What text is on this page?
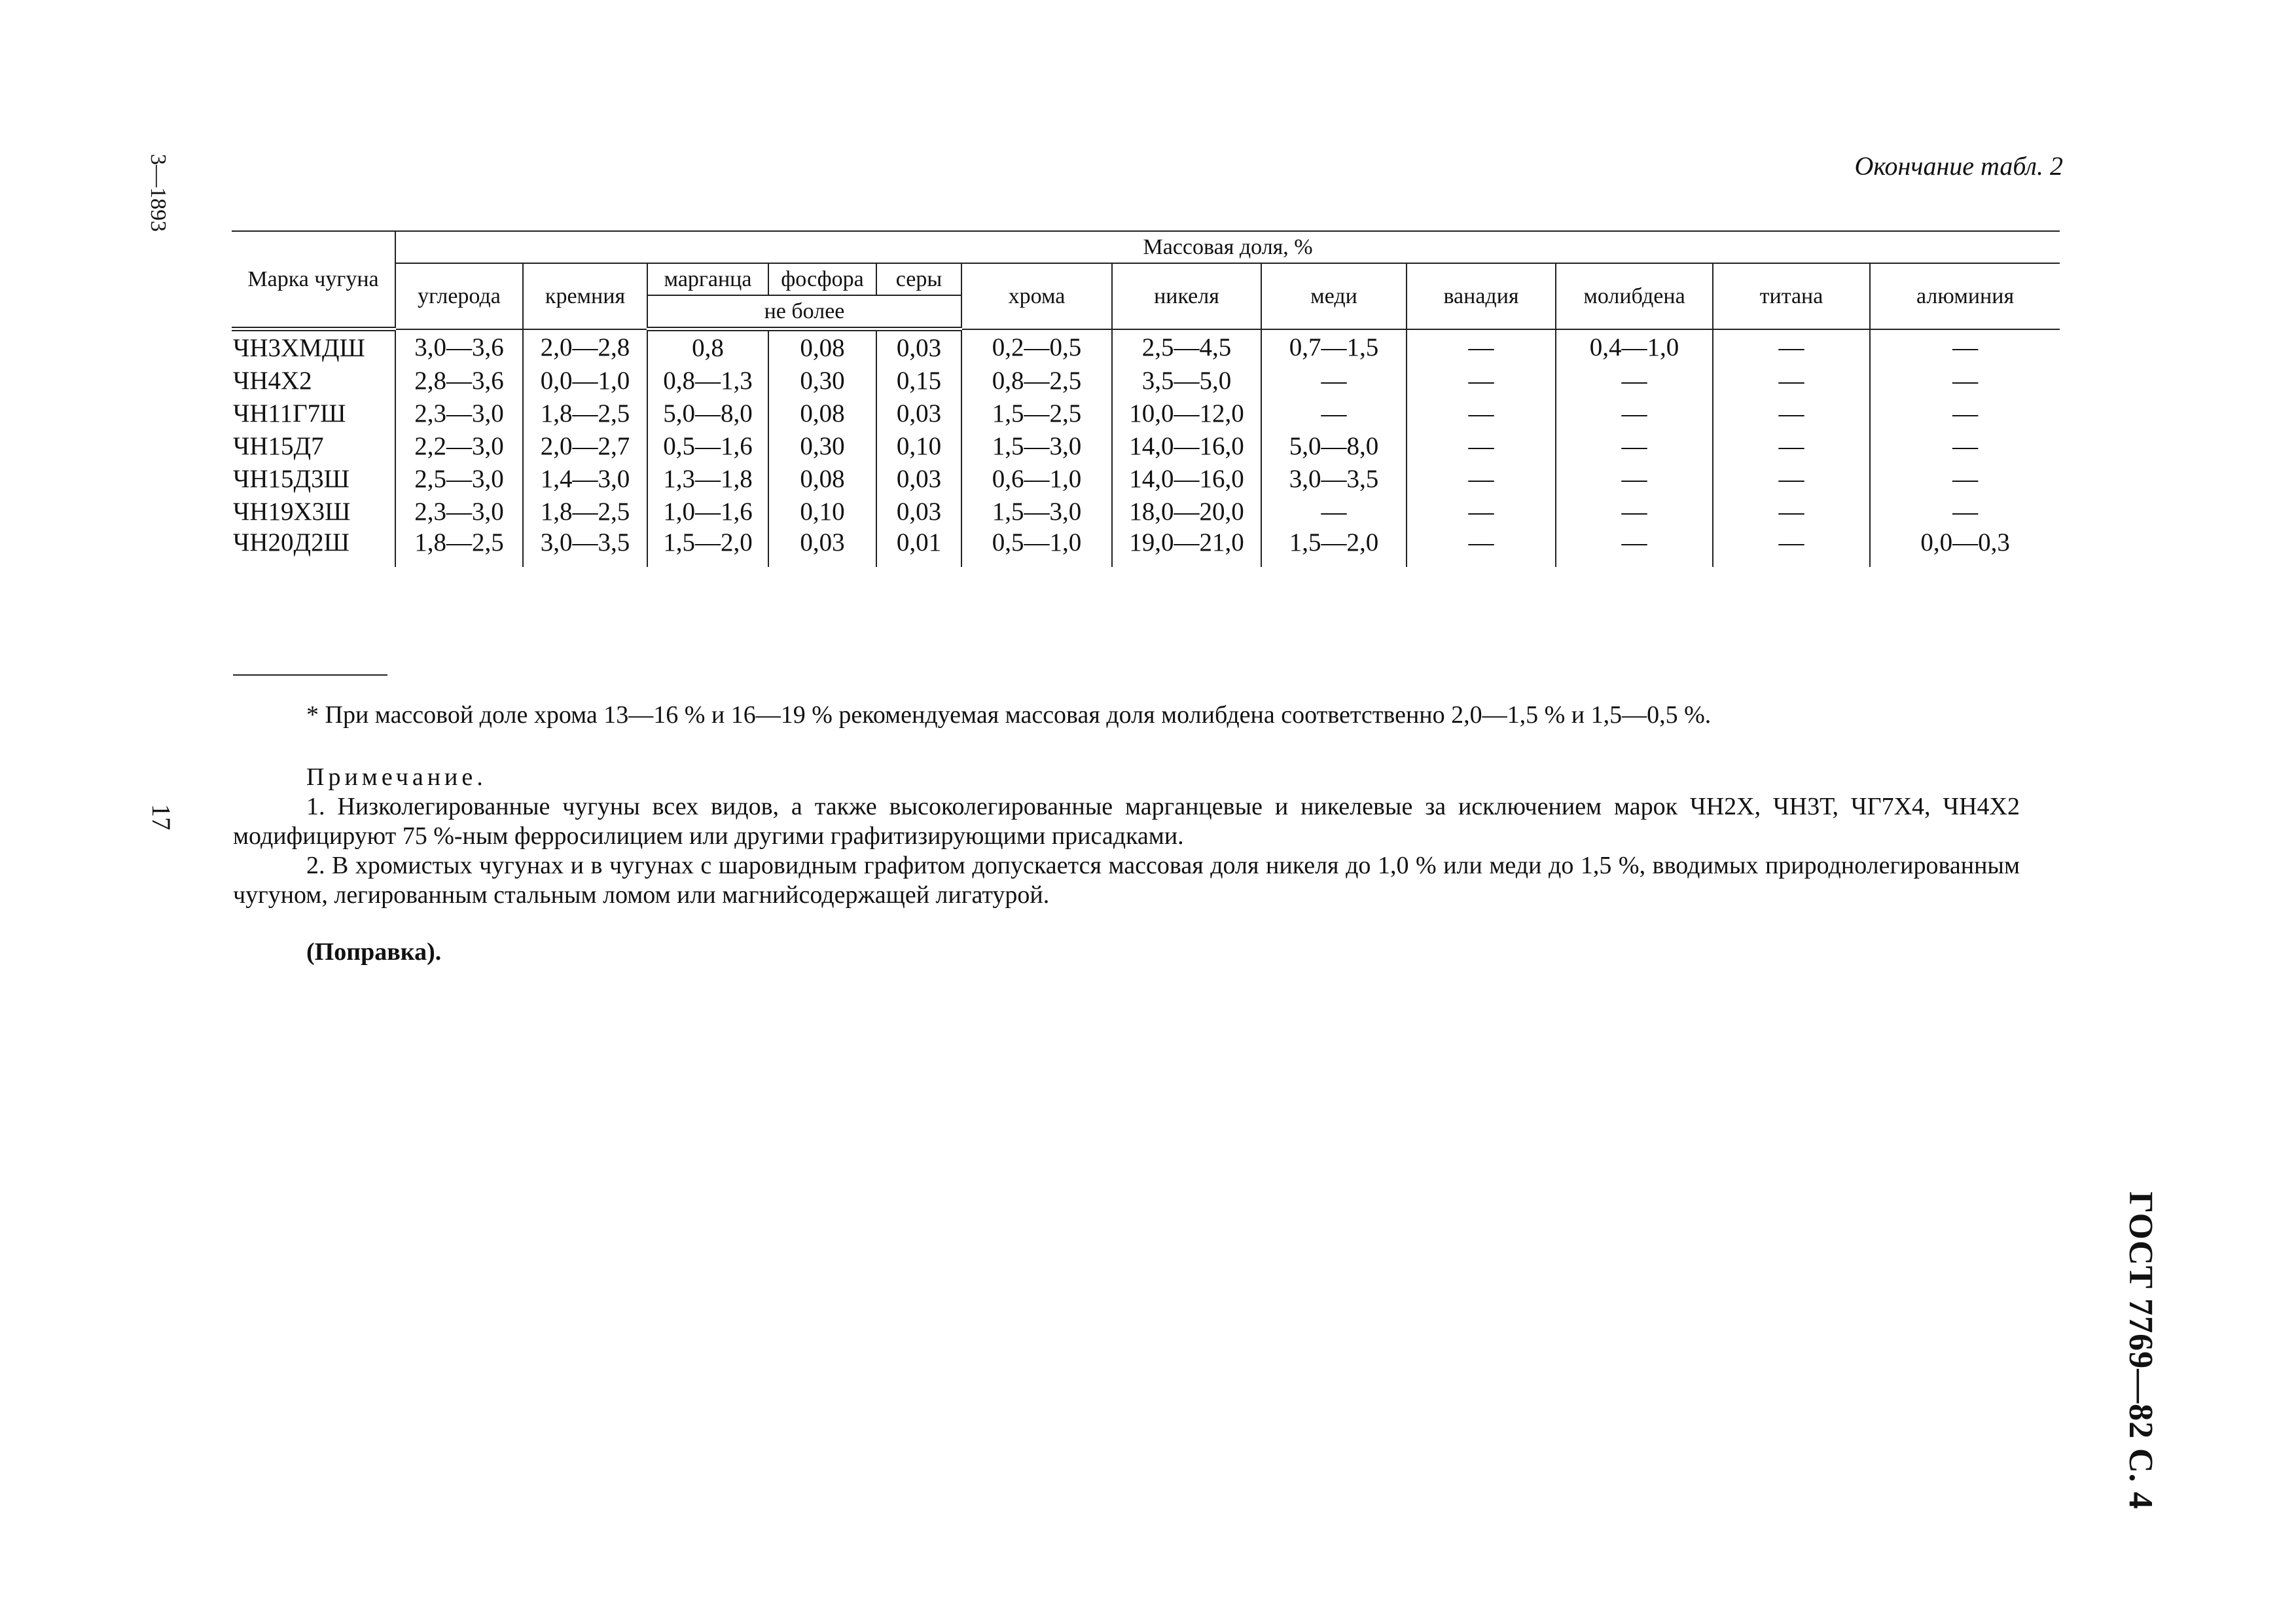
3—1893
17
ГОСТ 7769—82 С. 4
Окончание табл. 2
Марка чугуна	Массовая доля, %											
	углерода	кремния	марганца	фосфора	серы	хрома	никеля	меди	ванадия	молибдена	титана	алюминия
			не более									
ЧН3ХМДШ	3,0—3,6	2,0—2,8	0,8	0,08	0,03	0,2—0,5	2,5—4,5	0,7—1,5	—	0,4—1,0	—	—
ЧН4Х2	2,8—3,6	0,0—1,0	0,8—1,3	0,30	0,15	0,8—2,5	3,5—5,0	—	—	—	—	—
ЧН11Г7Ш	2,3—3,0	1,8—2,5	5,0—8,0	0,08	0,03	1,5—2,5	10,0—12,0	—	—	—	—	—
ЧН15Д7	2,2—3,0	2,0—2,7	0,5—1,6	0,30	0,10	1,5—3,0	14,0—16,0	5,0—8,0	—	—	—	—
ЧН15Д3Ш	2,5—3,0	1,4—3,0	1,3—1,8	0,08	0,03	0,6—1,0	14,0—16,0	3,0—3,5	—	—	—	—
ЧН19Х3Ш	2,3—3,0	1,8—2,5	1,0—1,6	0,10	0,03	1,5—3,0	18,0—20,0	—	—	—	—	—
ЧН20Д2Ш	1,8—2,5	3,0—3,5	1,5—2,0	0,03	0,01	0,5—1,0	19,0—21,0	1,5—2,0	—	—	—	0,0—0,3
* При массовой доле хрома 13—16 % и 16—19 % рекомендуемая массовая доля молибдена соответственно 2,0—1,5 % и 1,5—0,5 %.
Примечание.

1. Низколегированные чугуны всех видов, а также высоколегированные марганцевые и никелевые за исключением марок ЧН2Х, ЧН3Т, ЧГ7Х4, ЧН4Х2 модифицируют 75 %-ным ферросилицием или другими графитизирующими присадками.

2. В хромистых чугунах и в чугунах с шаровидным графитом допускается массовая доля никеля до 1,0 % или меди до 1,5 %, вводимых природнолегированным чугуном, легированным стальным ломом или магнийсодержащей лигатурой.

(Поправка).
